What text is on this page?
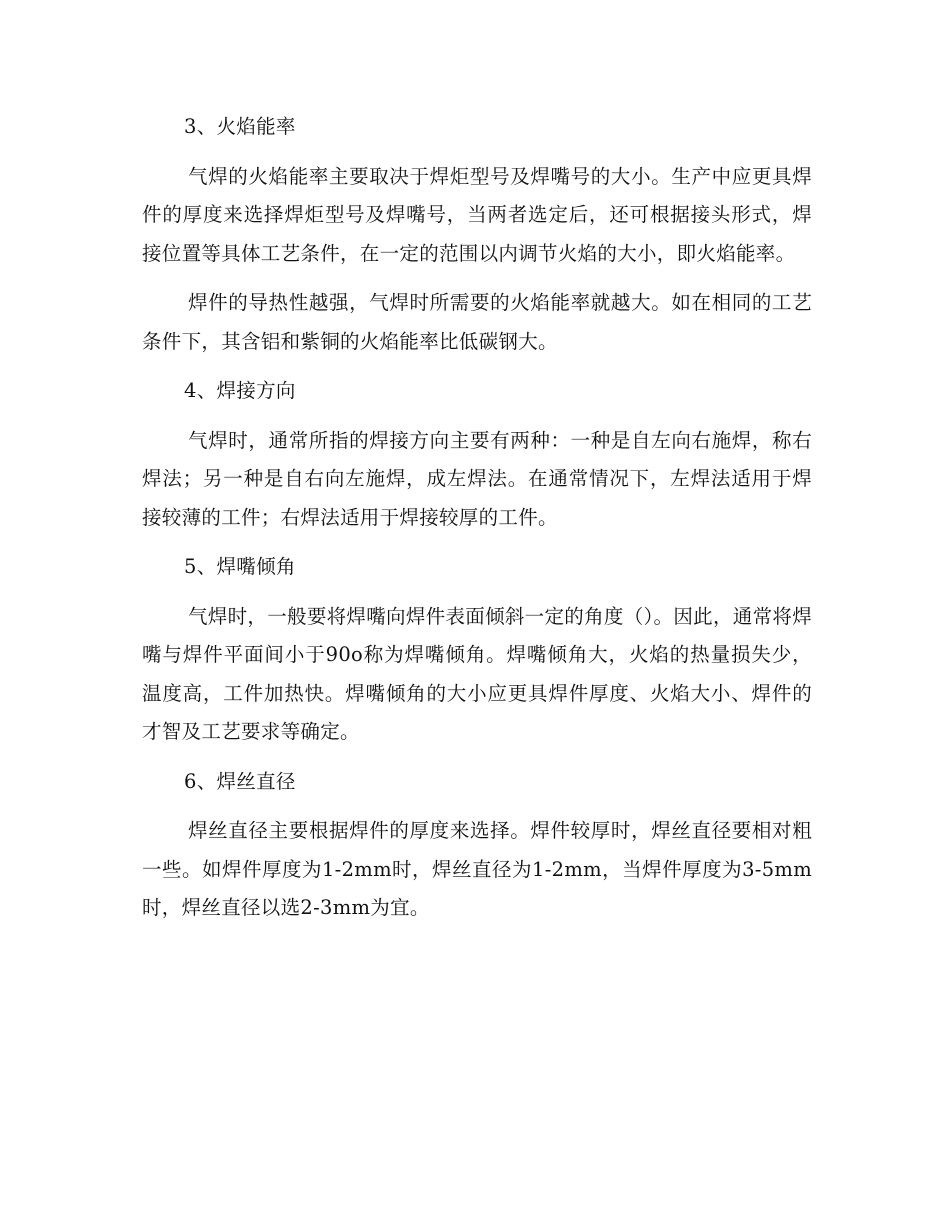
3、火焰能率

气焊的火焰能率主要取决于焊炬型号及焊嘴号的大小。生产中应更具焊件的厚度来选择焊炬型号及焊嘴号，当两者选定后，还可根据接头形式，焊接位置等具体工艺条件，在一定的范围以内调节火焰的大小，即火焰能率。

焊件的导热性越强，气焊时所需要的火焰能率就越大。如在相同的工艺条件下，其含铝和紫铜的火焰能率比低碳钢大。

4、焊接方向

气焊时，通常所指的焊接方向主要有两种：一种是自左向右施焊，称右焊法；另一种是自右向左施焊，成左焊法。在通常情况下，左焊法适用于焊接较薄的工件；右焊法适用于焊接较厚的工件。

5、焊嘴倾角

气焊时，一般要将焊嘴向焊件表面倾斜一定的角度（）。因此，通常将焊嘴与焊件平面间小于90o称为焊嘴倾角。焊嘴倾角大，火焰的热量损失少，温度高，工件加热快。焊嘴倾角的大小应更具焊件厚度、火焰大小、焊件的才智及工艺要求等确定。

6、焊丝直径

焊丝直径主要根据焊件的厚度来选择。焊件较厚时，焊丝直径要相对粗一些。如焊件厚度为1-2mm时，焊丝直径为1-2mm，当焊件厚度为3-5mm时，焊丝直径以选2-3mm为宜。
